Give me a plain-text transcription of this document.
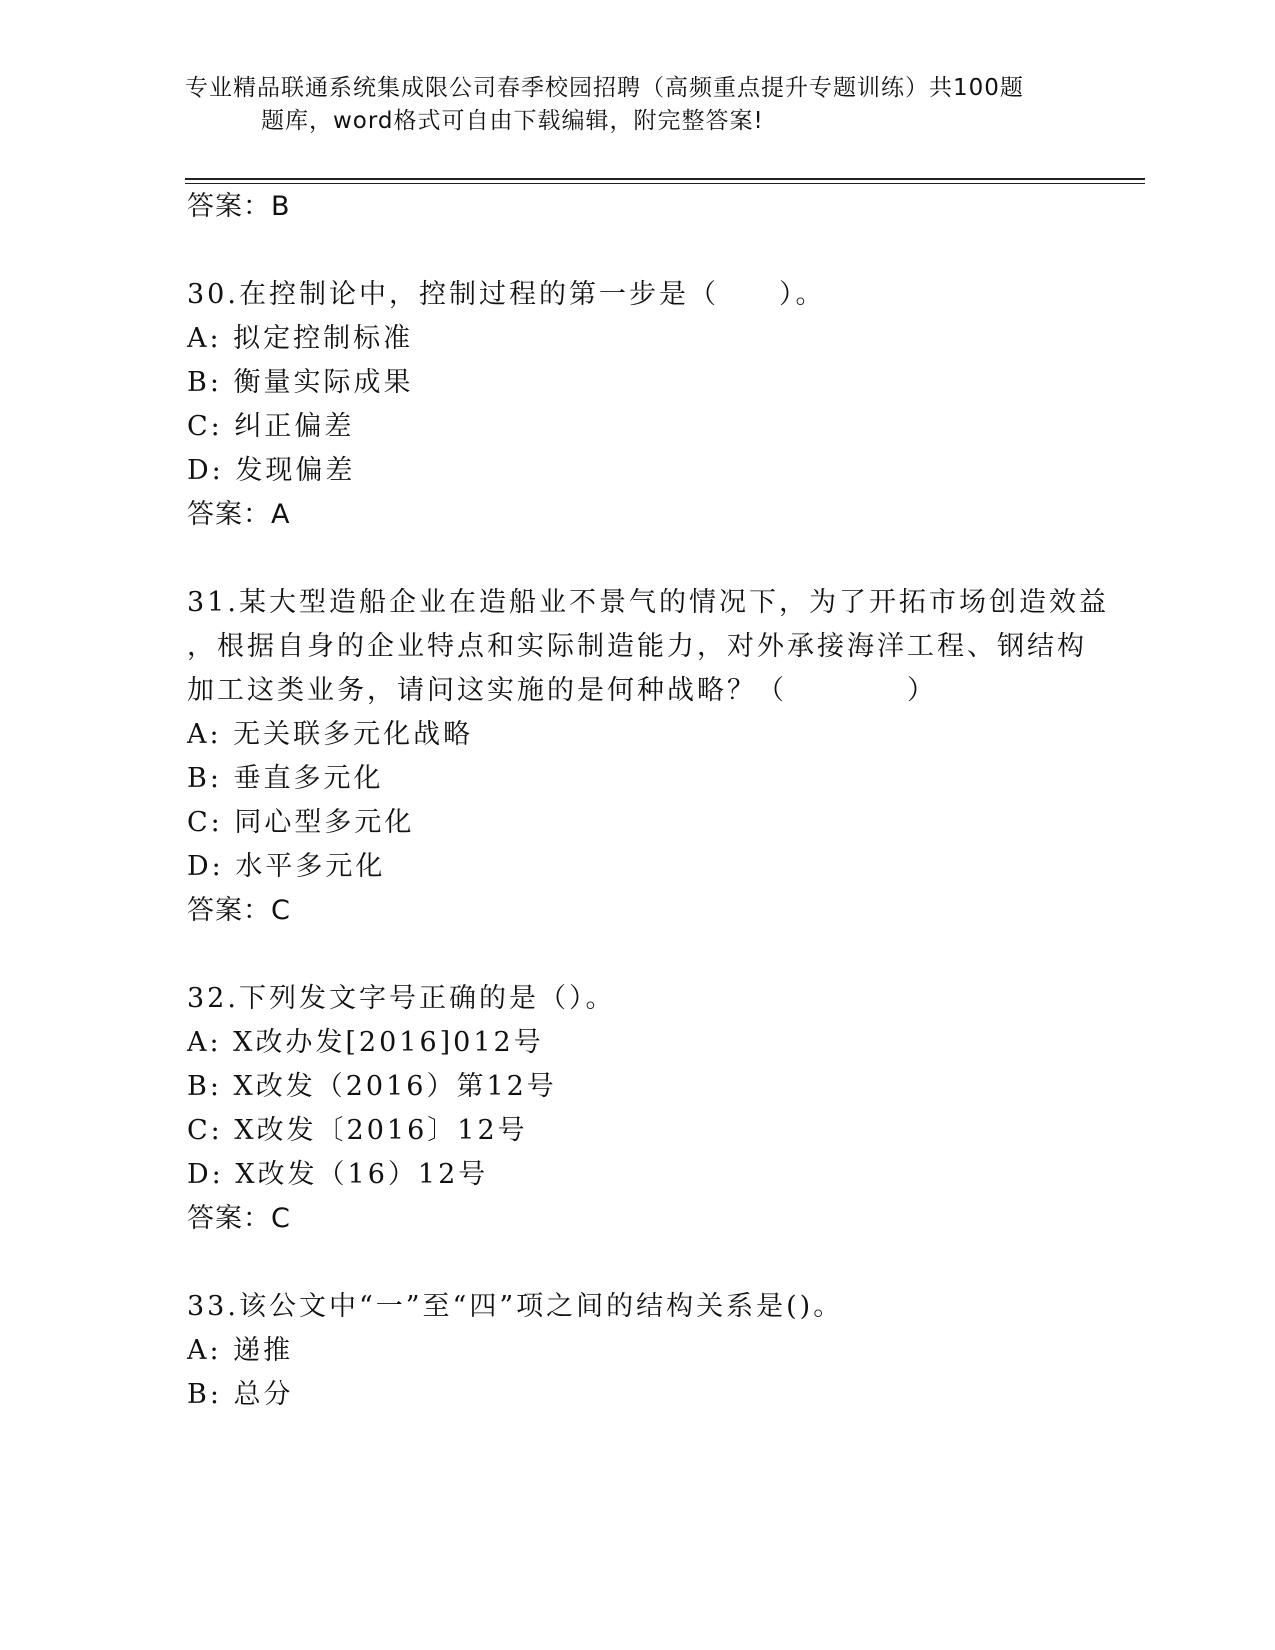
专业精品联通系统集成限公司春季校园招聘（高频重点提升专题训练）共100题
题库，word格式可自由下载编辑，附完整答案!
答案：B
30.在控制论中，控制过程的第一步是（　　）。
A: 拟定控制标准
B: 衡量实际成果
C: 纠正偏差
D: 发现偏差
答案：A
31.某大型造船企业在造船业不景气的情况下，为了开拓市场创造效益
，根据自身的企业特点和实际制造能力，对外承接海洋工程、钢结构
加工这类业务，请问这实施的是何种战略？（　　　　）
A: 无关联多元化战略
B: 垂直多元化
C: 同心型多元化
D: 水平多元化
答案：C
32.下列发文字号正确的是（）。
A: X改办发[2016]012号
B: X改发（2016）第12号
C: X改发〔2016〕12号
D: X改发（16）12号
答案：C
33.该公文中“一”至“四”项之间的结构关系是()。
A: 递推
B: 总分
